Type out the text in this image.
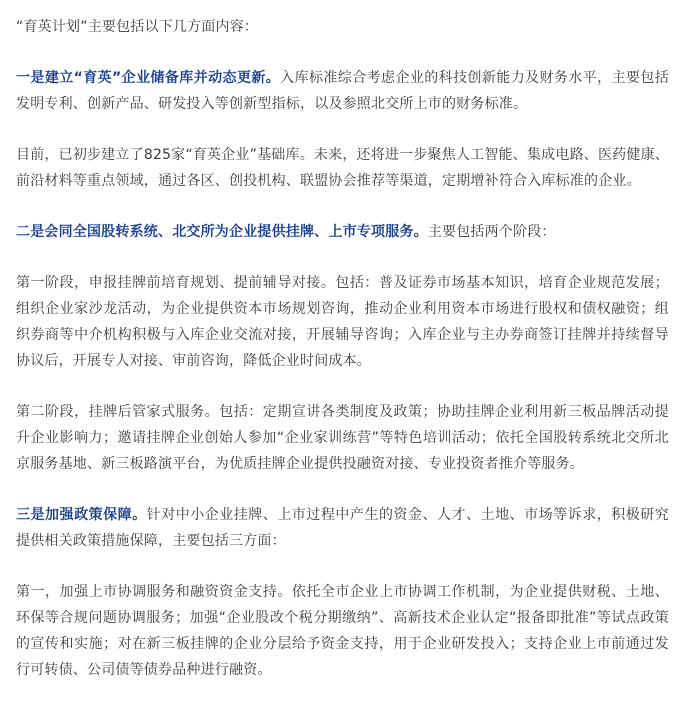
“育英计划”主要包括以下几方面内容：

一是建立“育英”企业储备库并动态更新。入库标准综合考虑企业的科技创新能力及财务水平，主要包括发明专利、创新产品、研发投入等创新型指标，以及参照北交所上市的财务标准。

目前，已初步建立了825家“育英企业”基础库。未来，还将进一步聚焦人工智能、集成电路、医药健康、前沿材料等重点领域，通过各区、创投机构、联盟协会推荐等渠道，定期增补符合入库标准的企业。

二是会同全国股转系统、北交所为企业提供挂牌、上市专项服务。主要包括两个阶段：

第一阶段，申报挂牌前培育规划、提前辅导对接。包括：普及证券市场基本知识，培育企业规范发展；组织企业家沙龙活动，为企业提供资本市场规划咨询，推动企业利用资本市场进行股权和债权融资；组织券商等中介机构积极与入库企业交流对接，开展辅导咨询；入库企业与主办券商签订挂牌并持续督导协议后，开展专人对接、审前咨询，降低企业时间成本。

第二阶段，挂牌后管家式服务。包括：定期宣讲各类制度及政策；协助挂牌企业利用新三板品牌活动提升企业影响力；邀请挂牌企业创始人参加“企业家训练营”等特色培训活动；依托全国股转系统北交所北京服务基地、新三板路演平台，为优质挂牌企业提供投融资对接、专业投资者推介等服务。

三是加强政策保障。针对中小企业挂牌、上市过程中产生的资金、人才、土地、市场等诉求，积极研究提供相关政策措施保障，主要包括三方面：

第一，加强上市协调服务和融资资金支持。依托全市企业上市协调工作机制，为企业提供财税、土地、环保等合规问题协调服务；加强“企业股改个税分期缴纳”、高新技术企业认定“报备即批准”等试点政策的宣传和实施；对在新三板挂牌的企业分层给予资金支持，用于企业研发投入；支持企业上市前通过发行可转债、公司债等债券品种进行融资。
